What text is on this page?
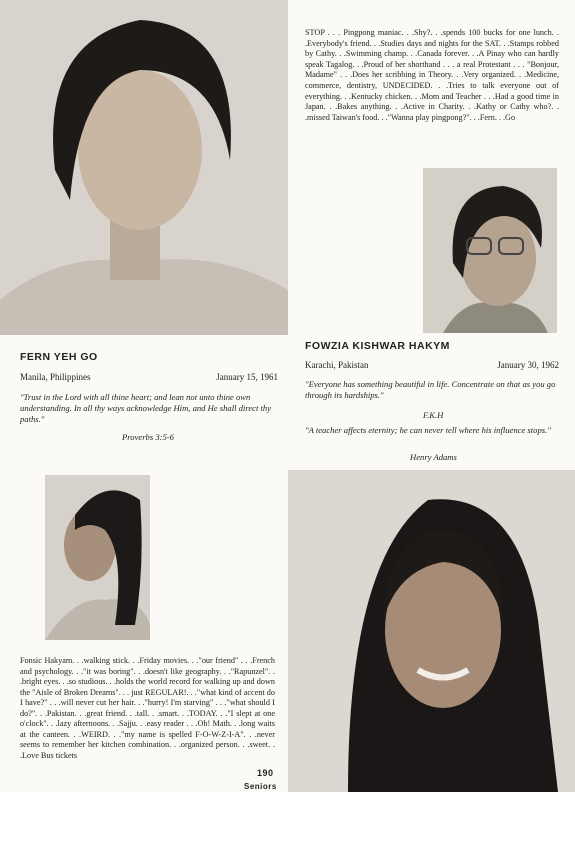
STOP . . . Pingpong maniac. . .Shy?. . .spends 100 bucks for one lunch. . .Everybody's friend. . .Studies days and nights for the SAT. . .Stamps robbed by Cathy. . .Swimming champ. . .Canada forever. . .A Pinay who can hardly speak Tagalog. . .Proud of her shorthand . . . a real Protestant . . . "Bonjour, Madame" . . .Does her scribbing in Theory. . .Very organized. . .Medicine, commerce, dentistry, UNDECIDED. . .Tries to talk everyone out of everything. . .Kentucky chicken. . .Mom and Teacher . . .Had a good time in Japan. . .Bakes anything. . .Active in Charity. . .Kathy or Cathy who?. . .missed Taiwan's food. . ."Wanna play pingpong?". . .Fern. . .Go
FERN YEH GO
Manila, Philippines	January 15, 1961
"Trust in the Lord with all thine heart; and lean not unto thine own understanding. In all thy ways acknowledge Him, and He shall direct thy paths."
Proverbs 3:5-6
FOWZIA KISHWAR HAKYM
Karachi, Pakistan	January 30, 1962
"Everyone has something beautiful in life. Concentrate on that as you go through its hardships."
F.K.H
"A teacher affects eternity; he can never tell where his influence stops."
Henry Adams
Fonsic Hakyam. . .walking stick. . .Friday movies. . ."our friend" . . .French and psychology. . ."it was boring". . .doesn't like geography. . ."Rapunzel". . .bright eyes. . .so studious. . .holds the world record for walking up and down the "Aisle of Broken Dreams". . . just REGULAR!. . ."what kind of accent do I have?" . . .will never cut her hair. . ."hurry! I'm starving" . . ."what should I do?". . .Pakistan. . .great friend. . .tall. . .smart. . .TODAY. . ."I slept at one o'clock". . .lazy afternoons. . .Sajju. . .easy reader . . .Oh! Math. . .long waits at the canteen. . .WEIRD. . ."my name is spelled F-O-W-Z-I-A". . .never seems to remember her kitchen combination. . .organized person. . .sweet. . .Love Bus tickets
190
Seniors
